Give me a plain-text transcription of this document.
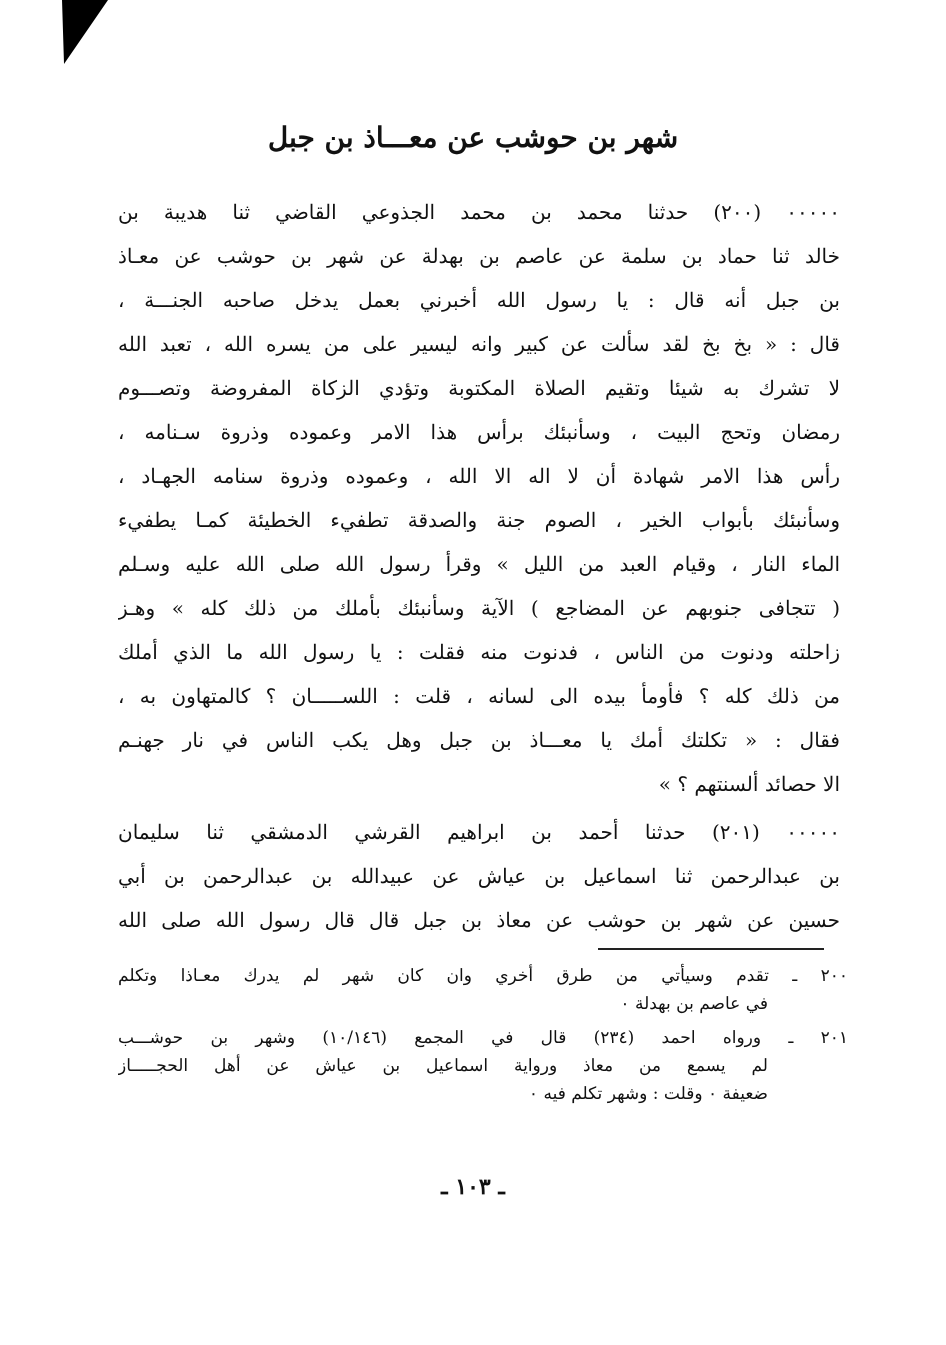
شهر بن حوشب عن معـــاذ بن جبل
٠٠٠٠٠ (٢٠٠) حدثنا محمد بن محمد الجذوعي القاضي ثنا هديبة بن
خالد ثنا حماد بن سلمة عن عاصم بن بهدلة عن شهر بن حوشب عن معـاذ
بن جبل أنه قال : يا رسول الله أخبرني بعمل يدخل صاحبه الجنـــة ،
قال : « بخ بخ لقد سألت عن كبير وانه ليسير على من يسره الله ، تعبد الله
لا تشرك به شيئا وتقيم الصلاة المكتوبة وتؤدي الزكاة المفروضة وتصـــوم
رمضان وتحج البيت ، وسأنبئك برأس هذا الامر وعموده وذروة سـنامه ،
رأس هذا الامر شهادة أن لا اله الا الله ، وعموده وذروة سنامه الجهـاد ،
وسأنبئك بأبواب الخير ، الصوم جنة والصدقة تطفيء الخطيئة كمـا يطفيء
الماء النار ، وقيام العبد من الليل » وقرأ رسول الله صلى الله عليه وسـلم
( تتجافى جنوبهم عن المضاجع ) الآية وسأنبئك بأملك من ذلك كله » وهـز
زاحلته ودنوت من الناس ، فدنوت منه فقلت : يا رسول الله ما الذي أملك
من ذلك كله ؟ فأومأ بيده الى لسانه ، قلت : اللســـــان ؟ كالمتهاون به ،
فقال : « تكلتك أمك يا معـــاذ بن جبل وهل يكب الناس في نار جهنـم
الا حصائد ألسنتهم ؟ »
٠٠٠٠٠ (٢٠١) حدثنا أحمد بن ابراهيم القرشي الدمشقي ثنا سليمان
بن عبدالرحمن ثنا اسماعيل بن عياش عن عبيدالله بن عبدالرحمن بن أبي
حسين عن شهر بن حوشب عن معاذ بن جبل قال قال رسول الله صلى الله
٢٠٠ ـ تقدم وسيأتي من طرق أخري وان كان شهر لم يدرك معـاذا وتكلم
في عاصم بن بهدلة ٠
٢٠١ ـ ورواه احمد (٢٣٤) قال في المجمع (١٠/١٤٦) وشهر بن حوشـــب
لم يسمع من معاذ ورواية اسماعيل بن عياش عن أهل الحجـــــاز
ضعيفة ٠ وقلت : وشهر تكلم فيه ٠
ـ ١٠٣ ـ
